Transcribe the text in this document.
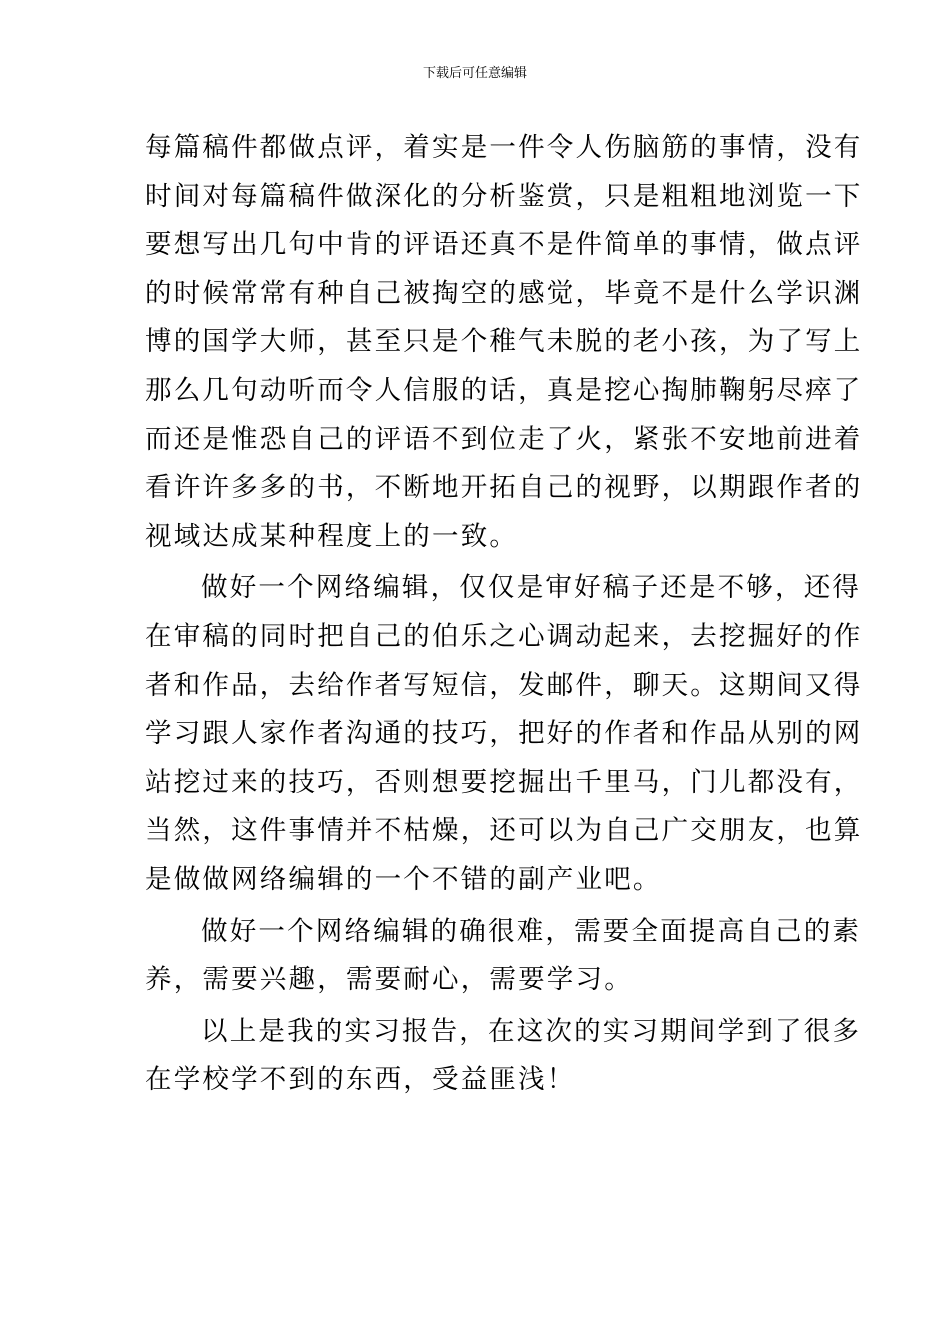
下载后可任意编辑
每篇稿件都做点评，着实是一件令人伤脑筋的事情，没有
时间对每篇稿件做深化的分析鉴赏，只是粗粗地浏览一下
要想写出几句中肯的评语还真不是件简单的事情，做点评
的时候常常有种自己被掏空的感觉，毕竟不是什么学识渊
博的国学大师，甚至只是个稚气未脱的老小孩，为了写上
那么几句动听而令人信服的话，真是挖心掏肺鞠躬尽瘁了
而还是惟恐自己的评语不到位走了火，紧张不安地前进着
看许许多多的书，不断地开拓自己的视野，以期跟作者的
视域达成某种程度上的一致。
做好一个网络编辑，仅仅是审好稿子还是不够，还得
在审稿的同时把自己的伯乐之心调动起来，去挖掘好的作
者和作品，去给作者写短信，发邮件，聊天。这期间又得
学习跟人家作者沟通的技巧，把好的作者和作品从别的网
站挖过来的技巧，否则想要挖掘出千里马，门儿都没有，
当然，这件事情并不枯燥，还可以为自己广交朋友，也算
是做做网络编辑的一个不错的副产业吧。
做好一个网络编辑的确很难，需要全面提高自己的素
养，需要兴趣，需要耐心，需要学习。
以上是我的实习报告，在这次的实习期间学到了很多
在学校学不到的东西，受益匪浅！
